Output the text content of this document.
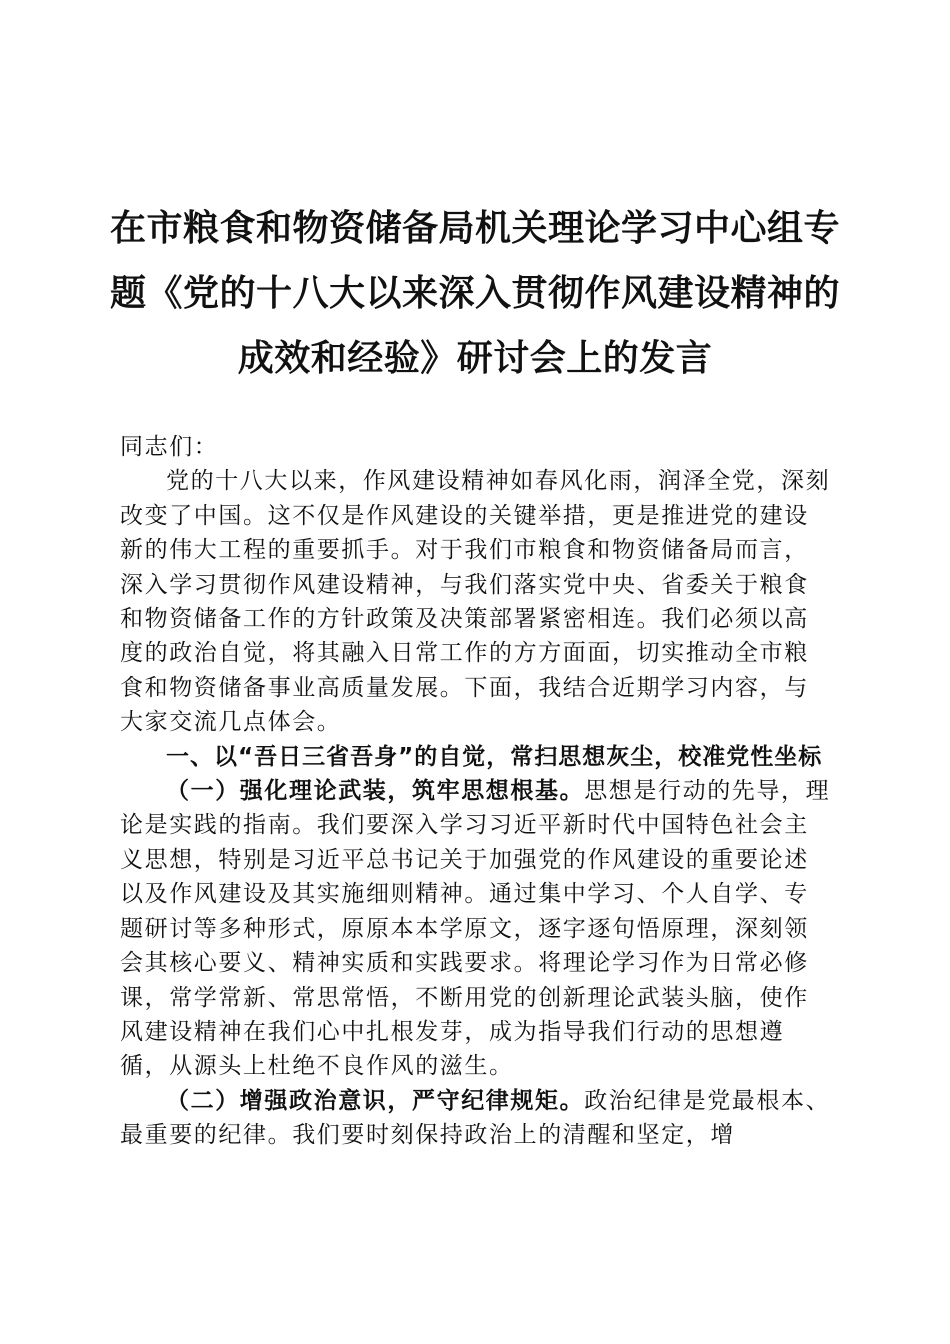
在市粮食和物资储备局机关理论学习中心组专
题《党的十八大以来深入贯彻作风建设精神的
成效和经验》研讨会上的发言

同志们：

党的十八大以来，作风建设精神如春风化雨，润泽全党，深刻改变了中国。这不仅是作风建设的关键举措，更是推进党的建设新的伟大工程的重要抓手。对于我们市粮食和物资储备局而言，深入学习贯彻作风建设精神，与我们落实党中央、省委关于粮食和物资储备工作的方针政策及决策部署紧密相连。我们必须以高度的政治自觉，将其融入日常工作的方方面面，切实推动全市粮食和物资储备事业高质量发展。下面，我结合近期学习内容，与大家交流几点体会。

一、以“吾日三省吾身”的自觉，常扫思想灰尘，校准党性坐标

（一）强化理论武装，筑牢思想根基。思想是行动的先导，理论是实践的指南。我们要深入学习习近平新时代中国特色社会主义思想，特别是习近平总书记关于加强党的作风建设的重要论述以及作风建设及其实施细则精神。通过集中学习、个人自学、专题研讨等多种形式，原原本本学原文，逐字逐句悟原理，深刻领会其核心要义、精神实质和实践要求。将理论学习作为日常必修课，常学常新、常思常悟，不断用党的创新理论武装头脑，使作风建设精神在我们心中扎根发芽，成为指导我们行动的思想遵循，从源头上杜绝不良作风的滋生。

（二）增强政治意识，严守纪律规矩。政治纪律是党最根本、最重要的纪律。我们要时刻保持政治上的清醒和坚定，增
